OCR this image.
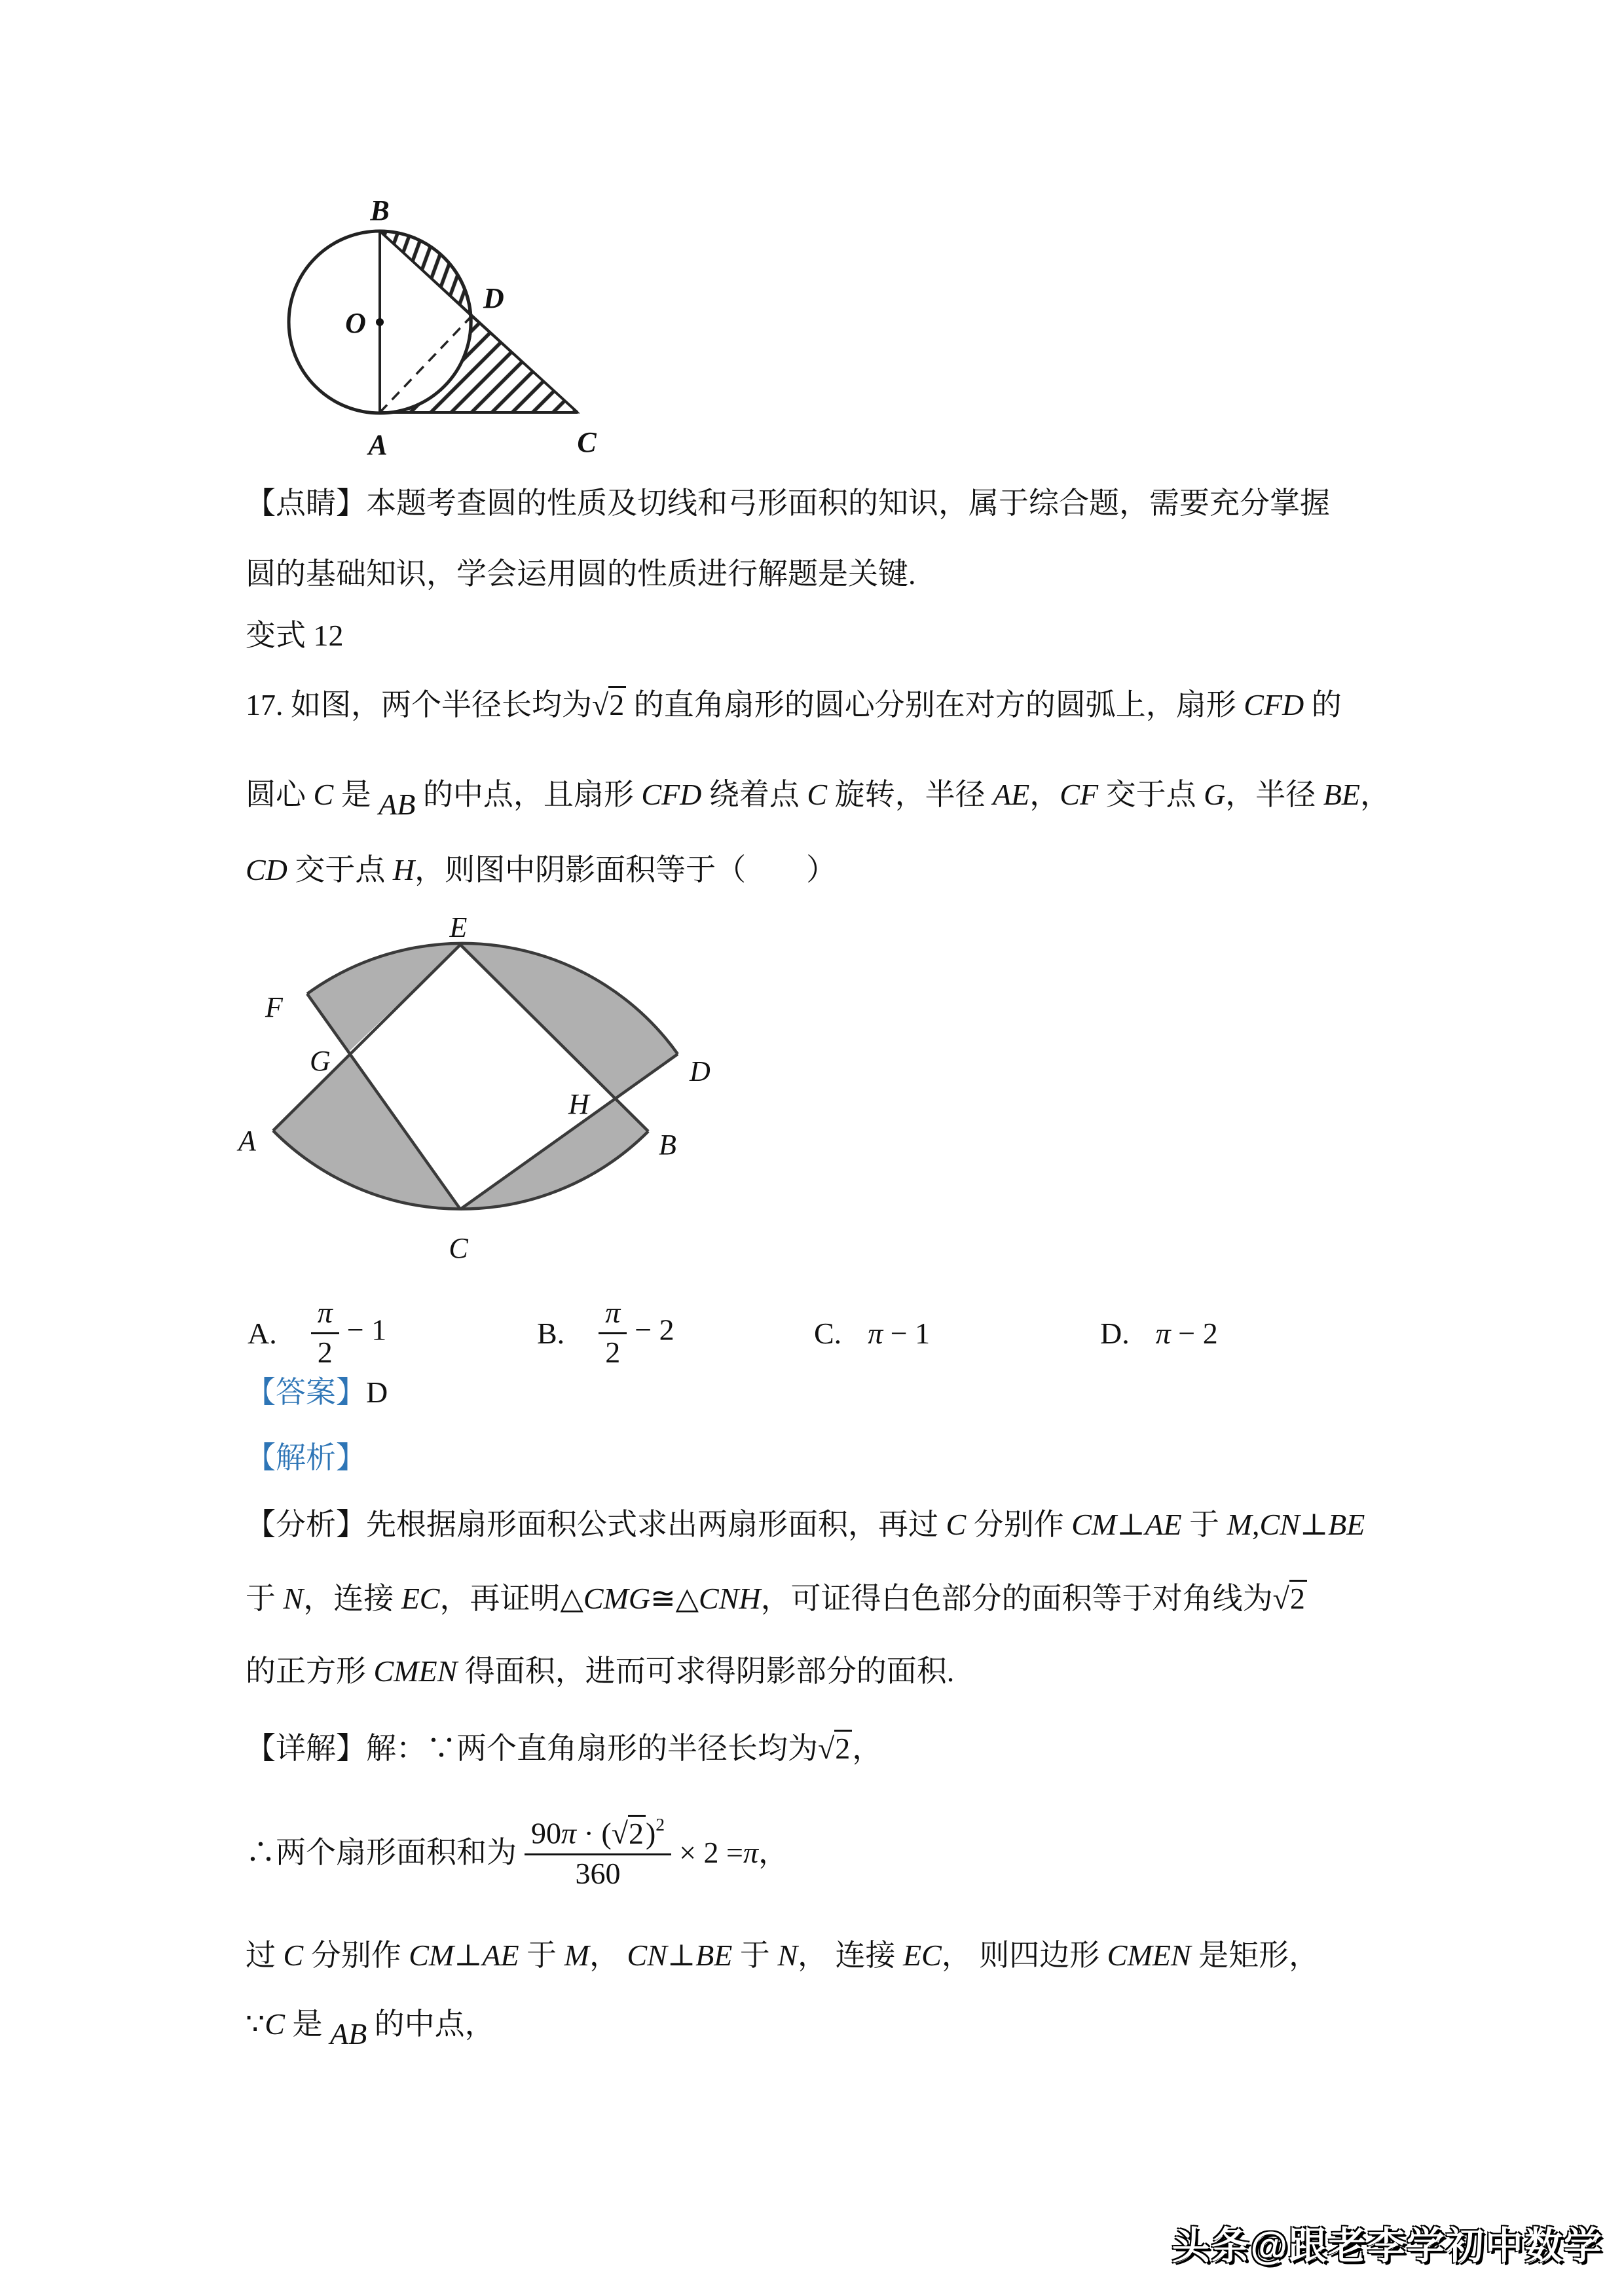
B
O
D
A	C
【点睛】本题考查圆的性质及切线和弓形面积的知识，属于综合题，需要充分掌握
圆的基础知识，学会运用圆的性质进行解题是关键.
变式 12
17. 如图，两个半径长均为√2 的直角扇形的圆心分别在对方的圆弧上，扇形 CFD 的
圆心 C 是 AB 的中点，且扇形 CFD 绕着点 C 旋转，半径 AE，CF 交于点 G，半径 BE，
CD 交于点 H，则图中阴影面积等于（　　）
E
F
G	D
H
A	B
C
A. $\frac{\pi}{2} - 1$	B. $\frac{\pi}{2} - 2$	C. π − 1	D. π − 2
【答案】D
【解析】
【分析】先根据扇形面积公式求出两扇形面积，再过 C 分别作 CM⊥AE 于 M,CN⊥BE
于 N，连接 EC，再证明△CMG≅△CNH，可证得白色部分的面积等于对角线为√2
的正方形 CMEN 得面积，进而可求得阴影部分的面积.
【详解】解：∵两个直角扇形的半径长均为√2，
∴两个扇形面积和为 $\frac{90\pi \cdot (√2)^2}{360} \times 2 = \pi$ ，
过 C 分别作 CM⊥AE 于 M， CN⊥BE 于 N， 连接 EC， 则四边形 CMEN 是矩形，
∵C 是 AB 的中点，
头条@跟老李学初中数学
